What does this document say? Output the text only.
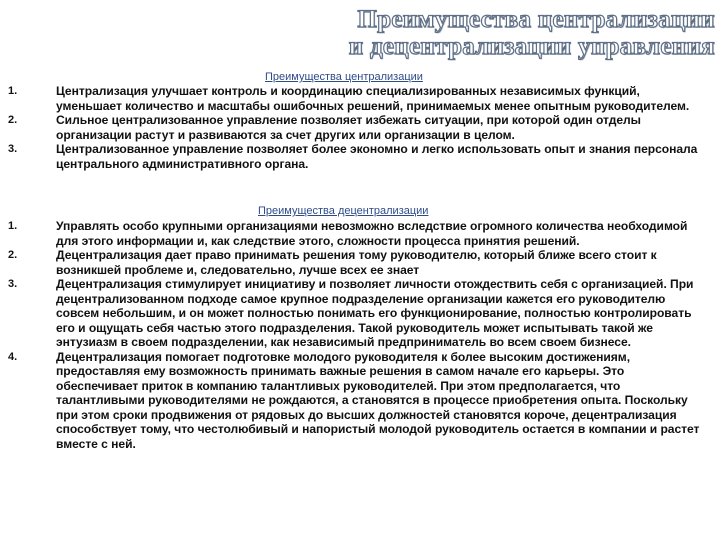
Преимущества централизации
и децентрализации управления
Преимущества централизации
1.	Централизация улучшает контроль и координацию специализированных независимых функций, уменьшает количество и масштабы ошибочных решений, принимаемых менее опытным руководителем.
2.	Сильное централизованное управление позволяет избежать ситуации, при которой один отделы организации растут и развиваются за счет других или организации в целом.
3.	Централизованное управление позволяет более экономно и легко использовать опыт и знания персонала центрального административного органа.
Преимущества децентрализации
1.	Управлять особо крупными организациями невозможно вследствие огромного количества необходимой для этого информации и, как следствие этого, сложности процесса принятия решений.
2.	Децентрализация дает право принимать решения тому руководителю, который ближе всего стоит к возникшей проблеме и, следовательно, лучше всех ее знает
3.	Децентрализация стимулирует инициативу и позволяет личности отождествить себя с организацией. При децентрализованном подходе самое крупное подразделение организации кажется его руководителю совсем небольшим, и он может полностью понимать его функционирование, полностью контролировать его и ощущать себя частью этого подразделения. Такой руководитель может испытывать такой же энтузиазм в своем подразделении, как независимый предприниматель во всем своем бизнесе.
4.	Децентрализация помогает подготовке молодого руководителя к более высоким достижениям, предоставляя ему возможность принимать важные решения в самом начале его карьеры. Это обеспечивает приток в компанию талантливых руководителей. При этом предполагается, что талантливыми руководителями не рождаются, а становятся в процессе приобретения опыта. Поскольку при этом сроки продвижения от рядовых до высших должностей становятся короче, децентрализация способствует тому, что честолюбивый и напористый молодой руководитель остается в компании и растет вместе с ней.
